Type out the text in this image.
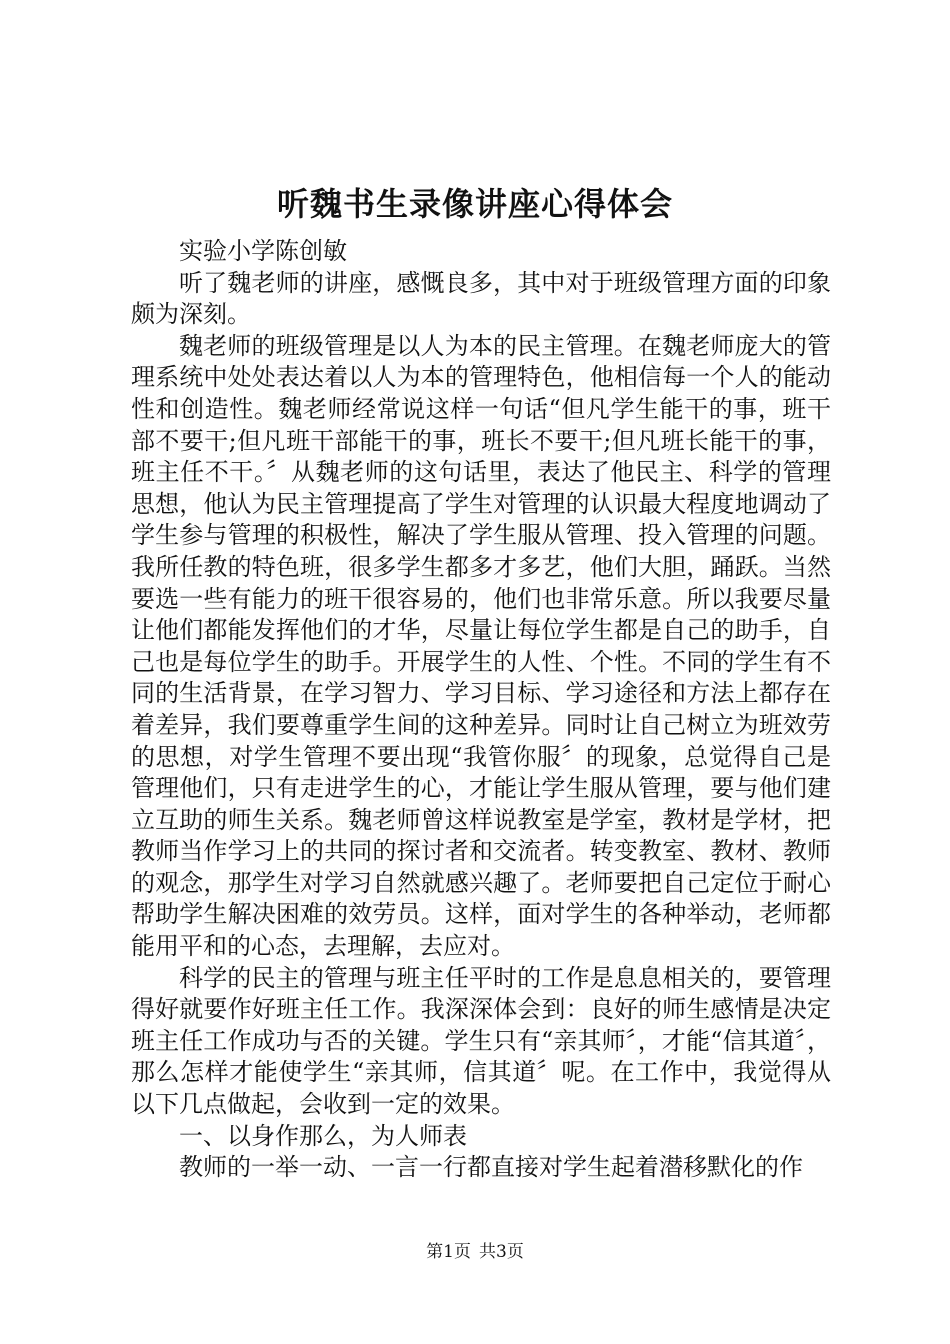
听魏书生录像讲座心得体会

实验小学陈创敏

听了魏老师的讲座，感慨良多，其中对于班级管理方面的印象颇为深刻。

魏老师的班级管理是以人为本的民主管理。在魏老师庞大的管理系统中处处表达着以人为本的管理特色，他相信每一个人的能动性和创造性。魏老师经常说这样一句话“但凡学生能干的事，班干部不要干;但凡班干部能干的事，班长不要干;但凡班长能干的事，班主任不干。〞从魏老师的这句话里，表达了他民主、科学的管理思想，他认为民主管理提高了学生对管理的认识最大程度地调动了学生参与管理的积极性，解决了学生服从管理、投入管理的问题。我所任教的特色班，很多学生都多才多艺，他们大胆，踊跃。当然要选一些有能力的班干很容易的，他们也非常乐意。所以我要尽量让他们都能发挥他们的才华，尽量让每位学生都是自己的助手，自己也是每位学生的助手。开展学生的人性、个性。不同的学生有不同的生活背景，在学习智力、学习目标、学习途径和方法上都存在着差异，我们要尊重学生间的这种差异。同时让自己树立为班效劳的思想，对学生管理不要出现“我管你服〞的现象，总觉得自己是管理他们，只有走进学生的心，才能让学生服从管理，要与他们建立互助的师生关系。魏老师曾这样说教室是学室，教材是学材，把教师当作学习上的共同的探讨者和交流者。转变教室、教材、教师的观念，那学生对学习自然就感兴趣了。老师要把自己定位于耐心帮助学生解决困难的效劳员。这样，面对学生的各种举动，老师都能用平和的心态，去理解，去应对。

科学的民主的管理与班主任平时的工作是息息相关的，要管理得好就要作好班主任工作。我深深体会到：良好的师生感情是决定班主任工作成功与否的关键。学生只有“亲其师〞，才能“信其道〞，那么怎样才能使学生“亲其师，信其道〞呢。在工作中，我觉得从以下几点做起，会收到一定的效果。

一、以身作那么，为人师表

教师的一举一动、一言一行都直接对学生起着潜移默化的作

第1页 共3页
